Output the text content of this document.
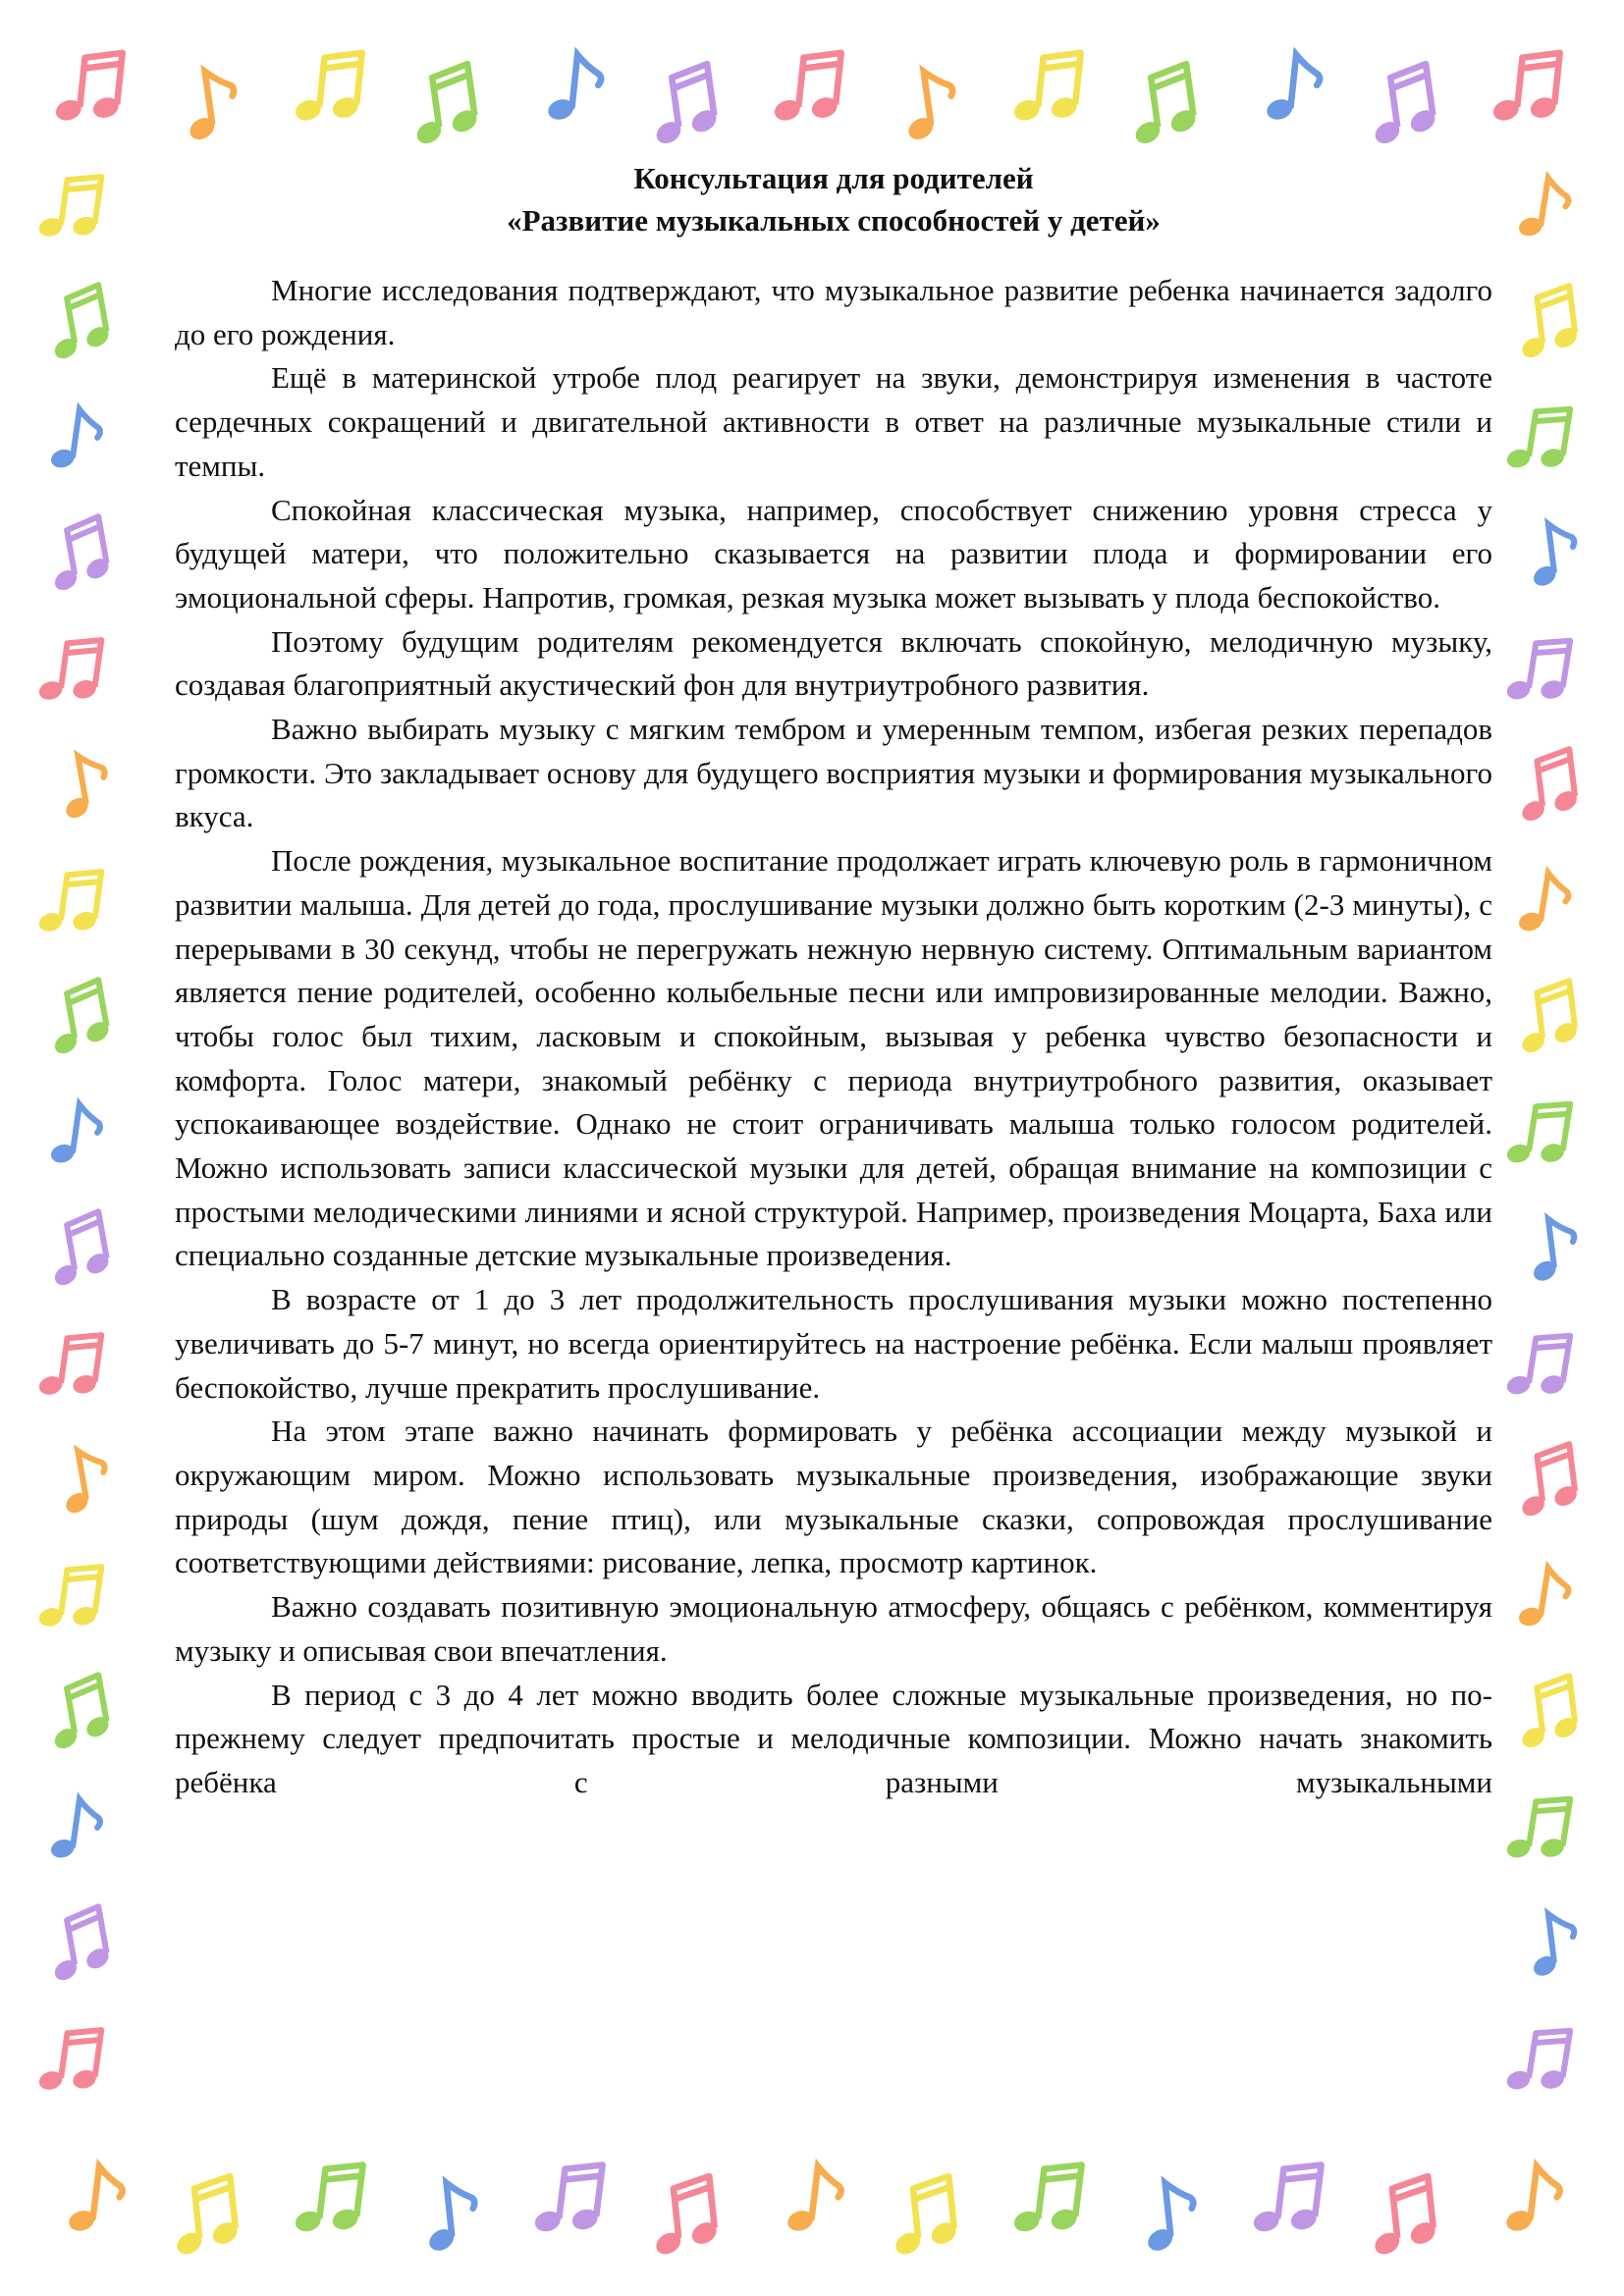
Консультация для родителей
«Развитие музыкальных способностей у детей»

Многие исследования подтверждают, что музыкальное развитие ребенка начинается задолго до его рождения.

Ещё в материнской утробе плод реагирует на звуки, демонстрируя изменения в частоте сердечных сокращений и двигательной активности в ответ на различные музыкальные стили и темпы.

Спокойная классическая музыка, например, способствует снижению уровня стресса у будущей матери, что положительно сказывается на развитии плода и формировании его эмоциональной сферы. Напротив, громкая, резкая музыка может вызывать у плода беспокойство.

Поэтому будущим родителям рекомендуется включать спокойную, мелодичную музыку, создавая благоприятный акустический фон для внутриутробного развития.

Важно выбирать музыку с мягким тембром и умеренным темпом, избегая резких перепадов громкости. Это закладывает основу для будущего восприятия музыки и формирования музыкального вкуса.

После рождения, музыкальное воспитание продолжает играть ключевую роль в гармоничном развитии малыша. Для детей до года, прослушивание музыки должно быть коротким (2-3 минуты), с перерывами в 30 секунд, чтобы не перегружать нежную нервную систему. Оптимальным вариантом является пение родителей, особенно колыбельные песни или импровизированные мелодии. Важно, чтобы голос был тихим, ласковым и спокойным, вызывая у ребенка чувство безопасности и комфорта. Голос матери, знакомый ребёнку с периода внутриутробного развития, оказывает успокаивающее воздействие. Однако не стоит ограничивать малыша только голосом родителей. Можно использовать записи классической музыки для детей, обращая внимание на композиции с простыми мелодическими линиями и ясной структурой. Например, произведения Моцарта, Баха или специально созданные детские музыкальные произведения.

В возрасте от 1 до 3 лет продолжительность прослушивания музыки можно постепенно увеличивать до 5-7 минут, но всегда ориентируйтесь на настроение ребёнка. Если малыш проявляет беспокойство, лучше прекратить прослушивание.

На этом этапе важно начинать формировать у ребёнка ассоциации между музыкой и окружающим миром. Можно использовать музыкальные произведения, изображающие звуки природы (шум дождя, пение птиц), или музыкальные сказки, сопровождая прослушивание соответствующими действиями: рисование, лепка, просмотр картинок.

Важно создавать позитивную эмоциональную атмосферу, общаясь с ребёнком, комментируя музыку и описывая свои впечатления.

В период с 3 до 4 лет можно вводить более сложные музыкальные произведения, но по-прежнему следует предпочитать простые и мелодичные композиции. Можно начать знакомить ребёнка с разными музыкальными
